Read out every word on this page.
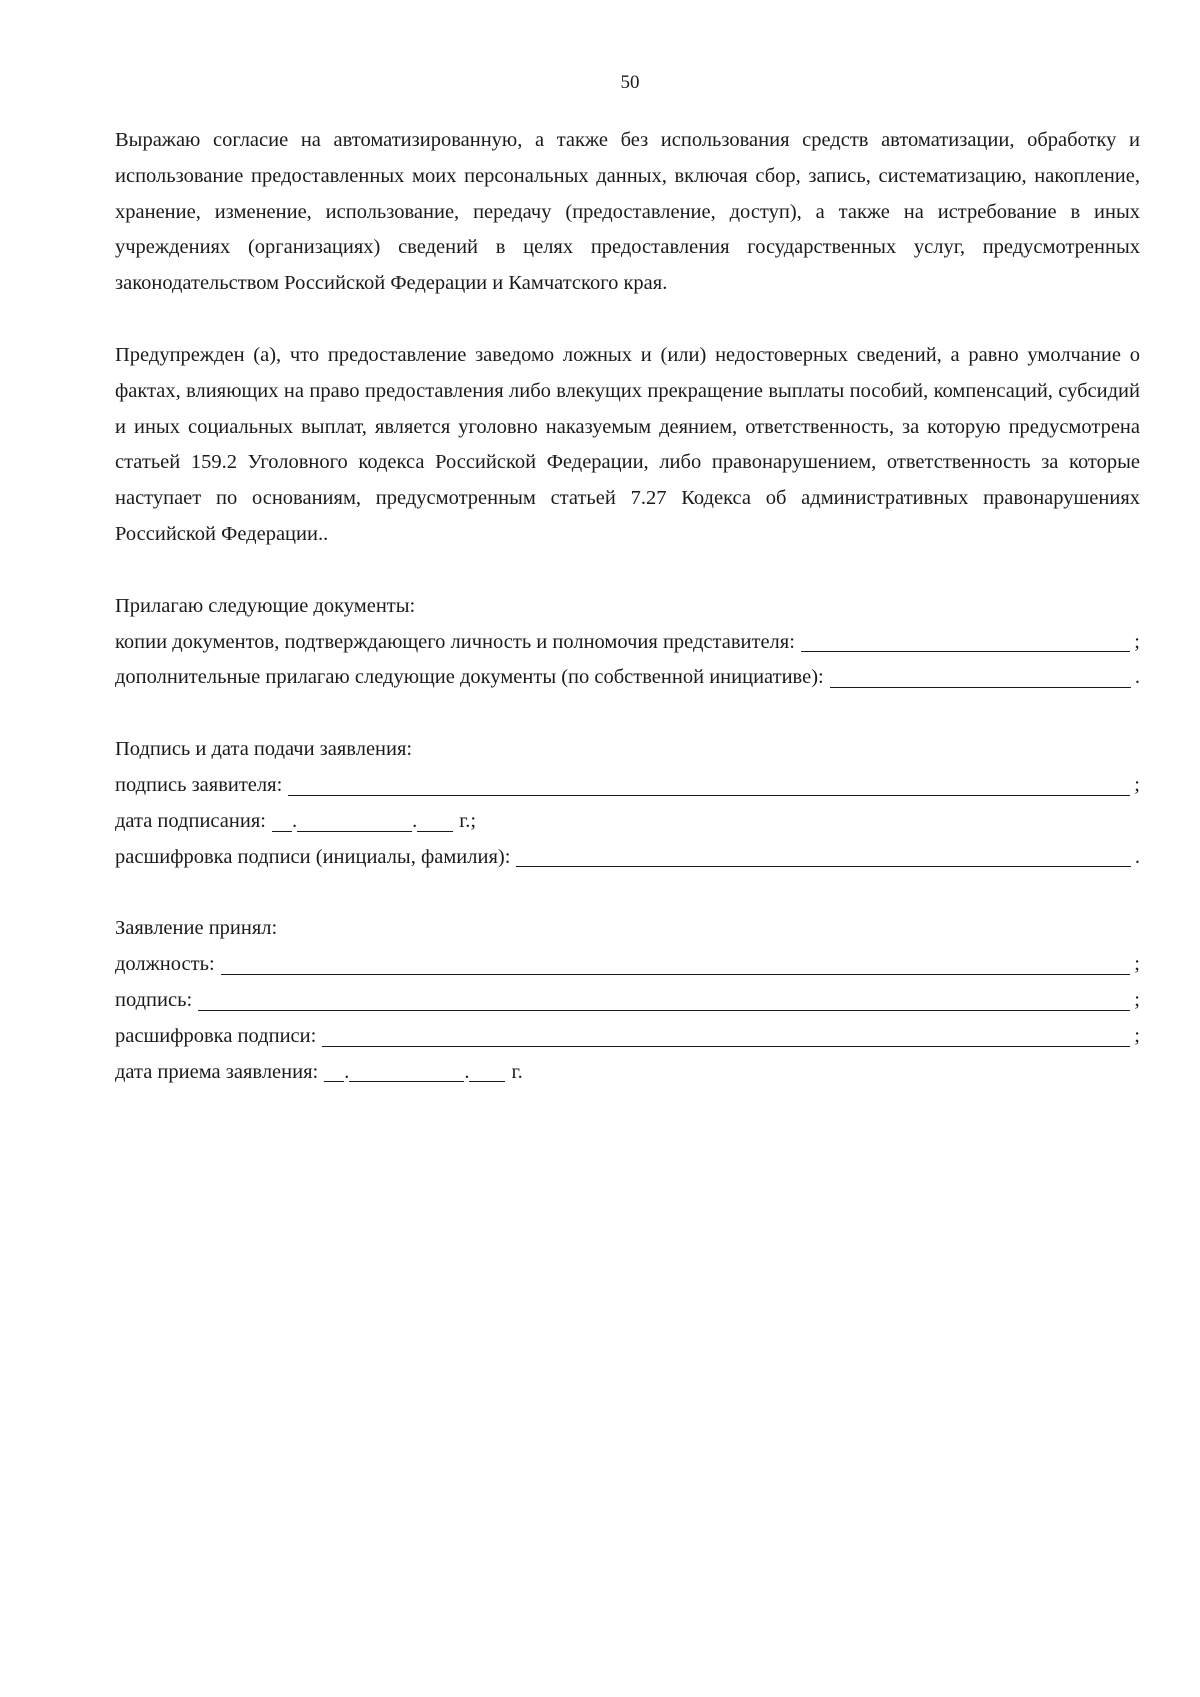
50

Выражаю согласие на автоматизированную, а также без использования средств автоматизации, обработку и использование предоставленных моих персональных данных, включая сбор, запись, систематизацию, накопление, хранение, изменение, использование, передачу (предоставление, доступ), а также на истребование в иных учреждениях (организациях) сведений в целях предоставления государственных услуг, предусмотренных законодательством Российской Федерации и Камчатского края.

Предупрежден (а), что предоставление заведомо ложных и (или) недостоверных сведений, а равно умолчание о фактах, влияющих на право предоставления либо влекущих прекращение выплаты пособий, компенсаций, субсидий и иных социальных выплат, является уголовно наказуемым деянием, ответственность, за которую предусмотрена статьей 159.2 Уголовного кодекса Российской Федерации, либо правонарушением, ответственность за которые наступает по основаниям, предусмотренным статьей 7.27 Кодекса об административных правонарушениях Российской Федерации..

Прилагаю следующие документы:

копии документов, подтверждающего личность и полномочия представителя:	;
дополнительные прилагаю следующие документы (по собственной инициативе):	.

Подпись и дата подачи заявления:

подпись заявителя:	;
дата подписания: .	. г.;
расшифровка подписи (инициалы, фамилия):	.

Заявление принял:

должность:	;
подпись:	;
расшифровка подписи:	;
дата приема заявления: .	. г.
